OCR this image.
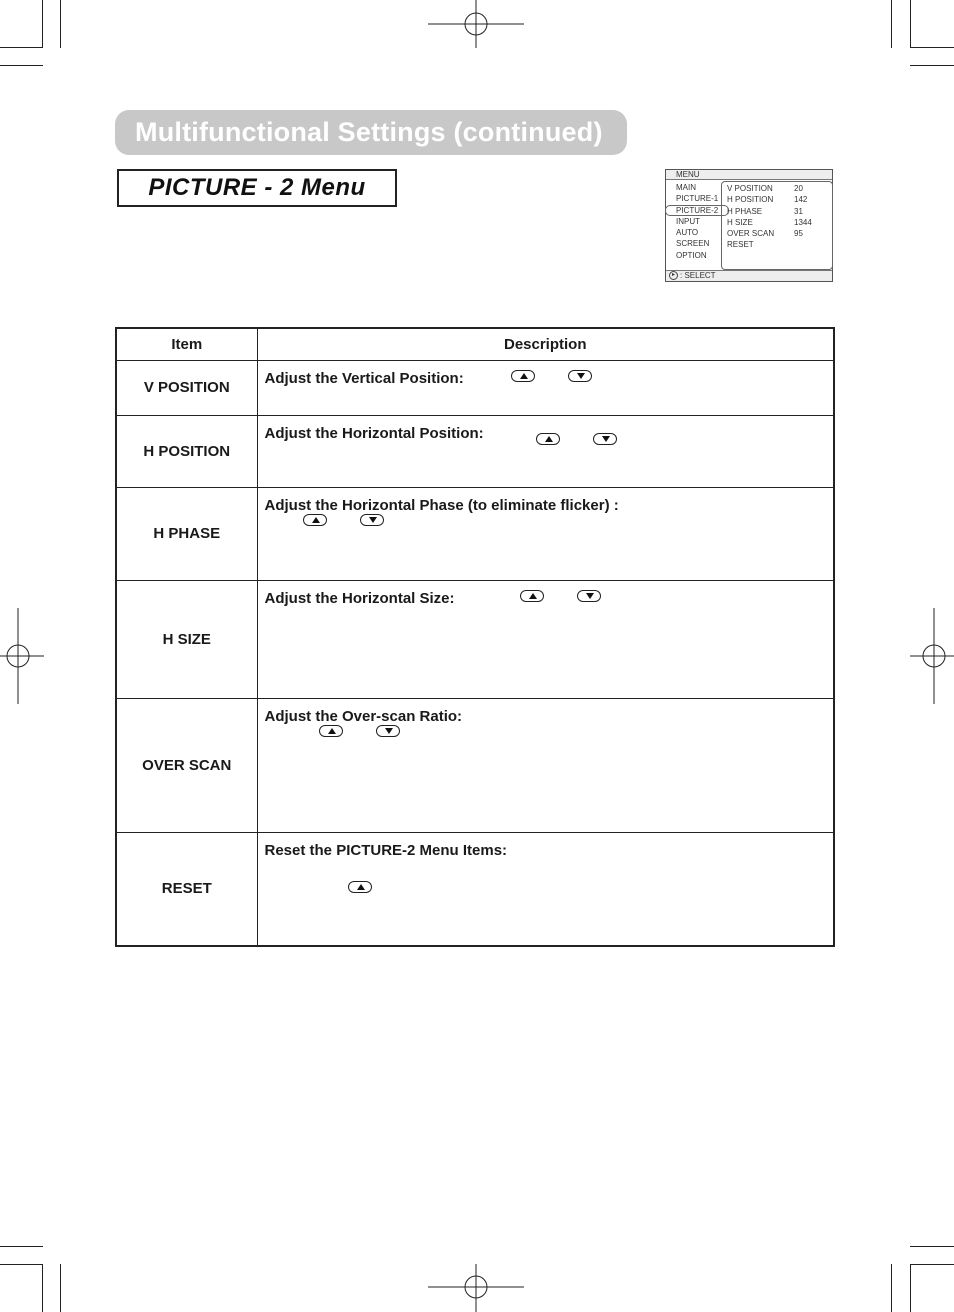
Multifunctional Settings (continued)
PICTURE - 2 Menu	MENU
MAIN
PICTURE-1
PICTURE-2
INPUT
AUTO
SCREEN
OPTION
V POSITION	20
H POSITION	142
H PHASE	31
H SIZE	1344
OVER SCAN 95
RESET
▸ : SELECT
Item	Description
V POSITION	Adjust the Vertical Position:

H POSITION	Adjust the Horizontal Position:

H PHASE	Adjust the Horizontal Phase (to eliminate flicker) :

H SIZE	Adjust the Horizontal Size:

OVER SCAN	Adjust the Over-scan Ratio:

RESET	Reset the PICTURE-2 Menu Items:
